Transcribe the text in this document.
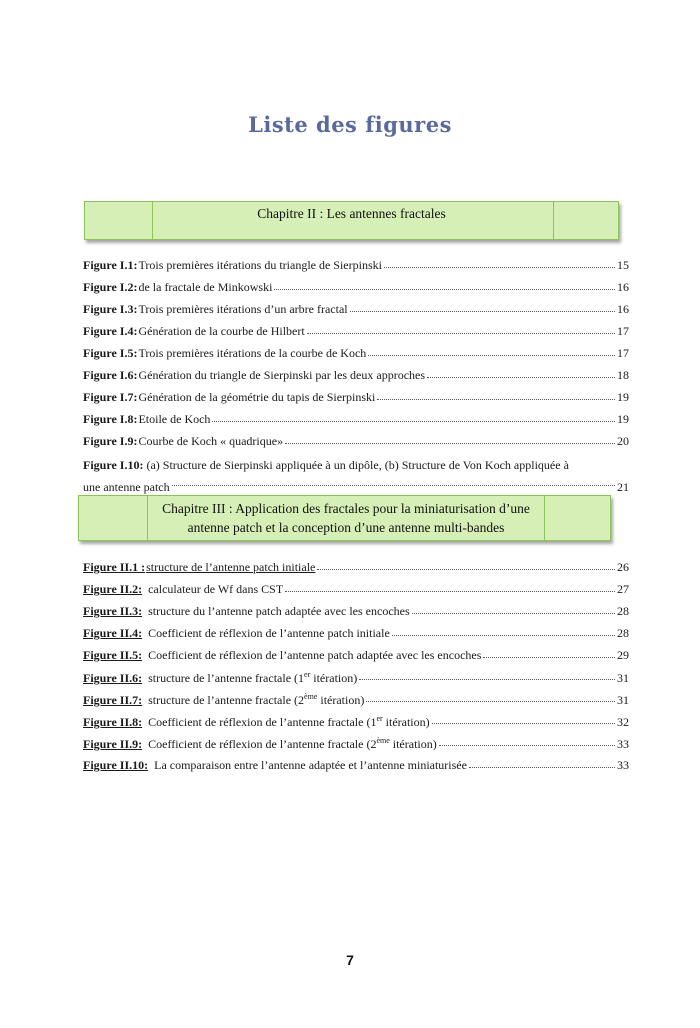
Liste des figures
Chapitre II : Les antennes fractales
Figure I.1: Trois premières itérations du triangle de Sierpinski	15
Figure I.2: de la fractale de Minkowski	16
Figure I.3: Trois premières itérations d’un arbre fractal	16
Figure I.4: Génération de la courbe de Hilbert	17
Figure I.5: Trois premières itérations de la courbe de Koch	17
Figure I.6: Génération du triangle de Sierpinski par les deux approches	18
Figure I.7: Génération de la géométrie du tapis de Sierpinski	19
Figure I.8: Etoile de Koch	19
Figure I.9: Courbe de Koch « quadrique»	20
Figure I.10: (a) Structure de Sierpinski appliquée à un dipôle, (b) Structure de Von Koch appliquée à
une antenne patch	21
Chapitre III : Application des fractales pour la miniaturisation d’une
antenne patch et la conception d’une antenne multi-bandes
Figure II.1 : structure de l’antenne patch initiale	26
Figure II.2: calculateur de Wf dans CST	27
Figure II.3: structure du l’antenne patch adaptée avec les encoches	28
Figure II.4: Coefficient de réflexion de l’antenne patch initiale	28
Figure II.5: Coefficient de réflexion de l’antenne patch adaptée avec les encoches	29
Figure II.6: structure de l’antenne fractale (1er itération)	31
Figure II.7: structure de l’antenne fractale (2ème itération)	31
Figure II.8: Coefficient de réflexion de l’antenne fractale (1er itération)	32
Figure II.9: Coefficient de réflexion de l’antenne fractale (2ème itération)	33
Figure II.10: La comparaison entre l’antenne adaptée et l’antenne miniaturisée	33
7
